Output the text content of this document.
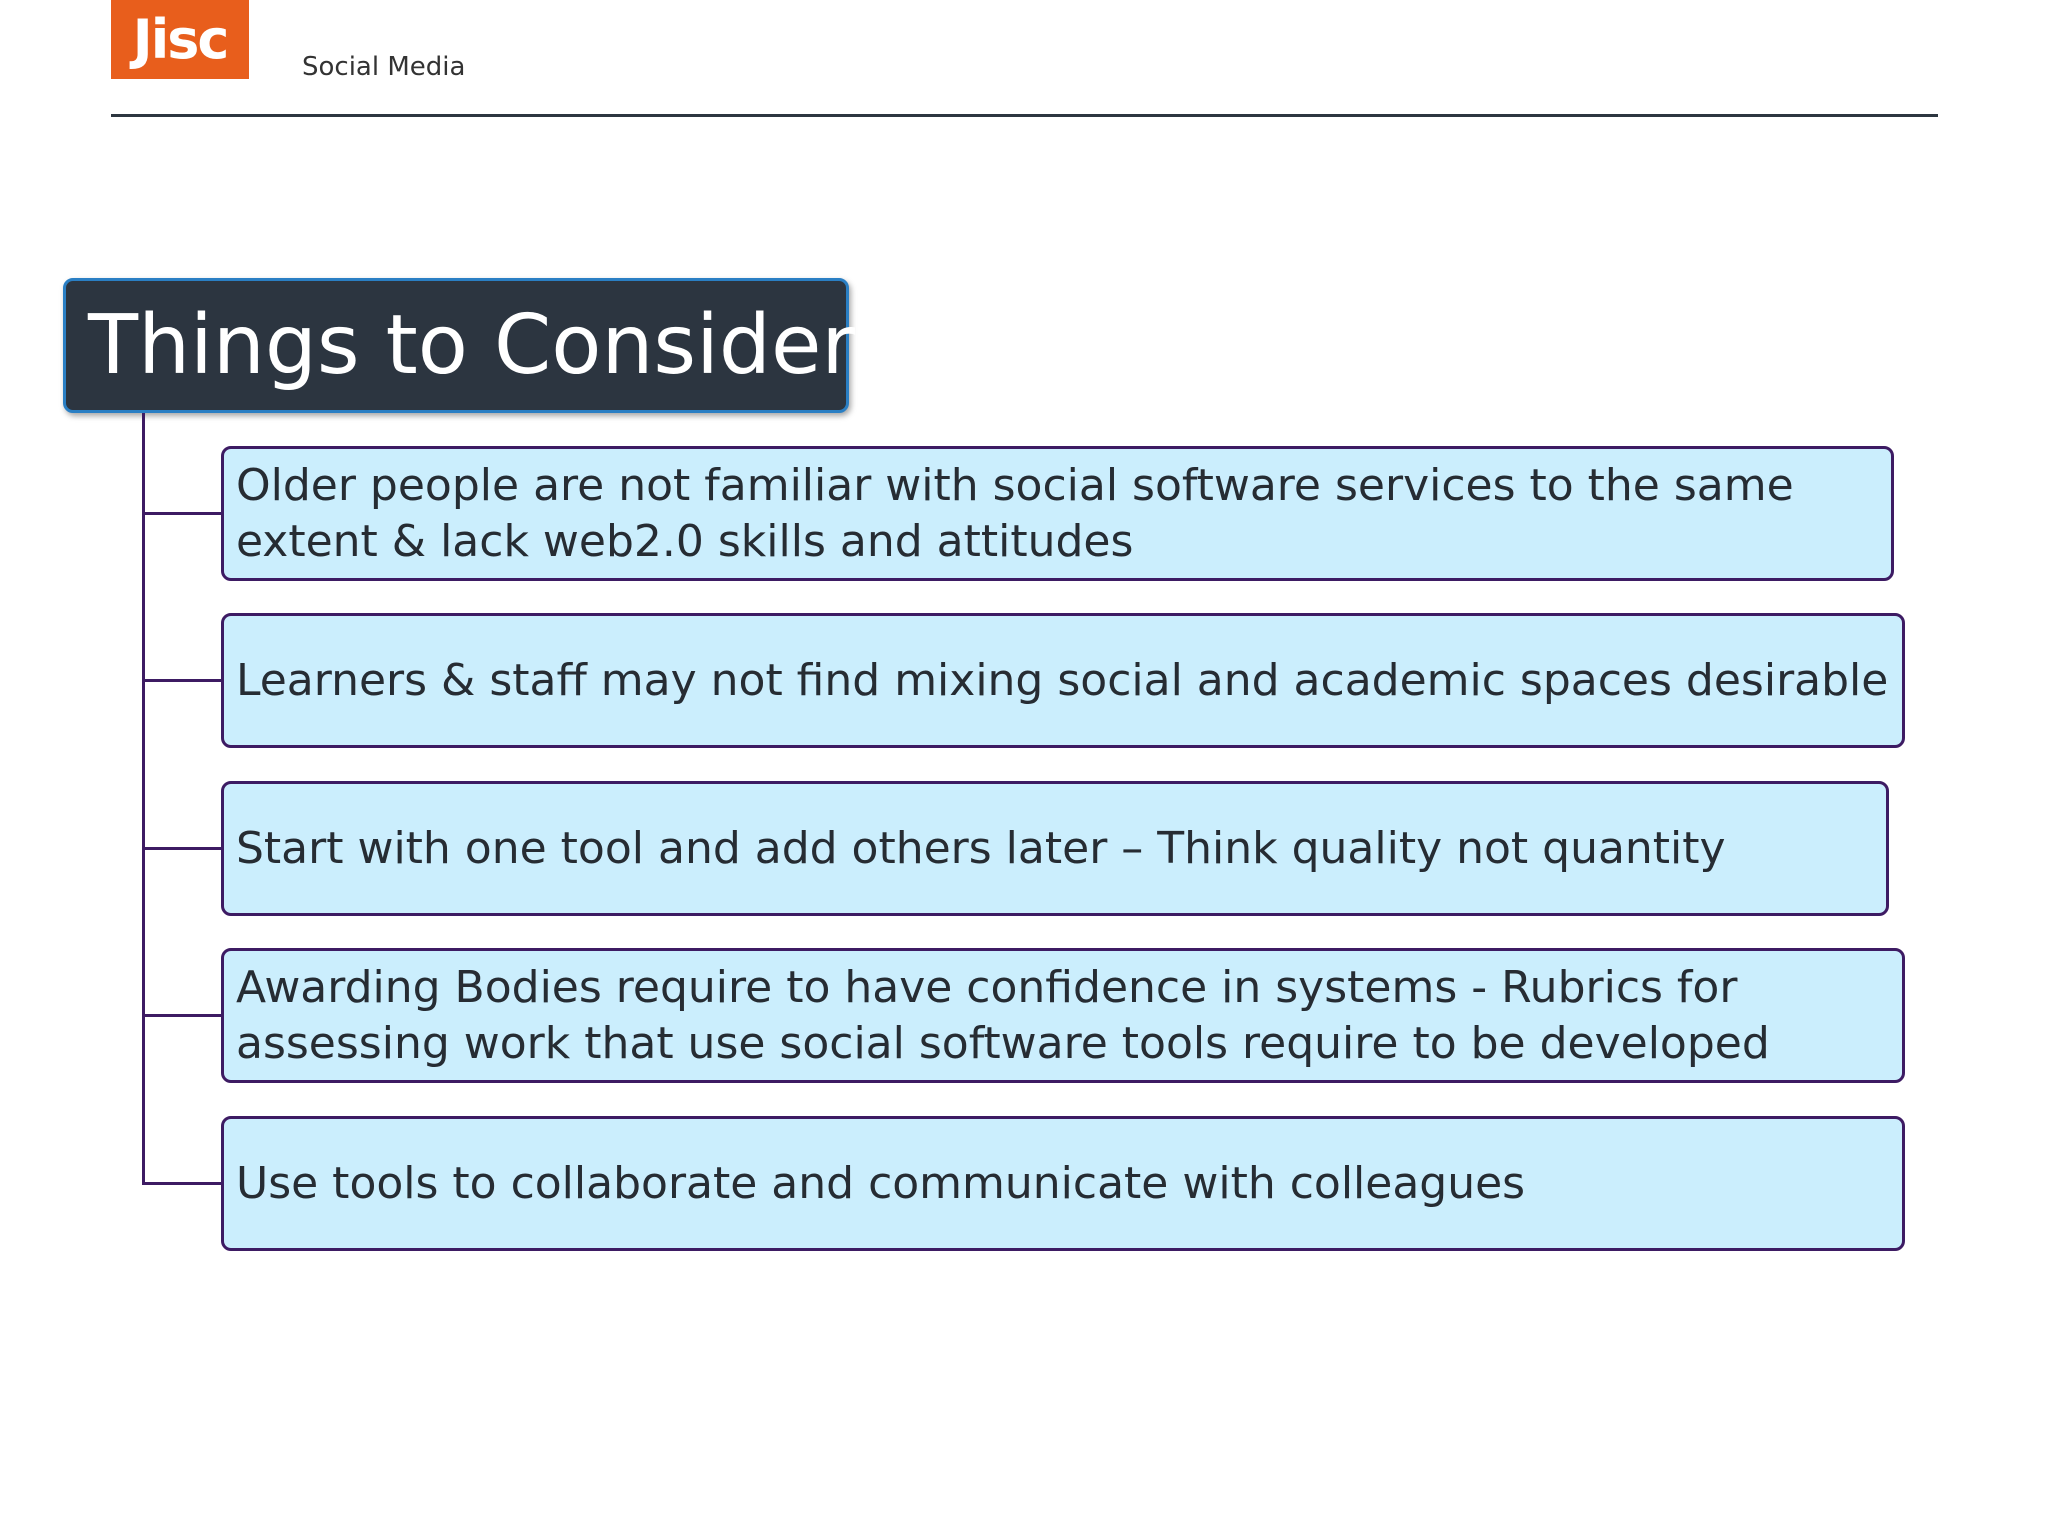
Jisc	Social Media
Things to Consider
Older people are not familiar with social software services to the same extent & lack web2.0 skills and attitudes
Learners & staff may not find mixing social and academic spaces desirable
Start with one tool and add others later – Think quality not quantity
Awarding Bodies require to have confidence in systems - Rubrics for assessing work that use social software tools require to be developed
Use tools to collaborate and communicate with colleagues
